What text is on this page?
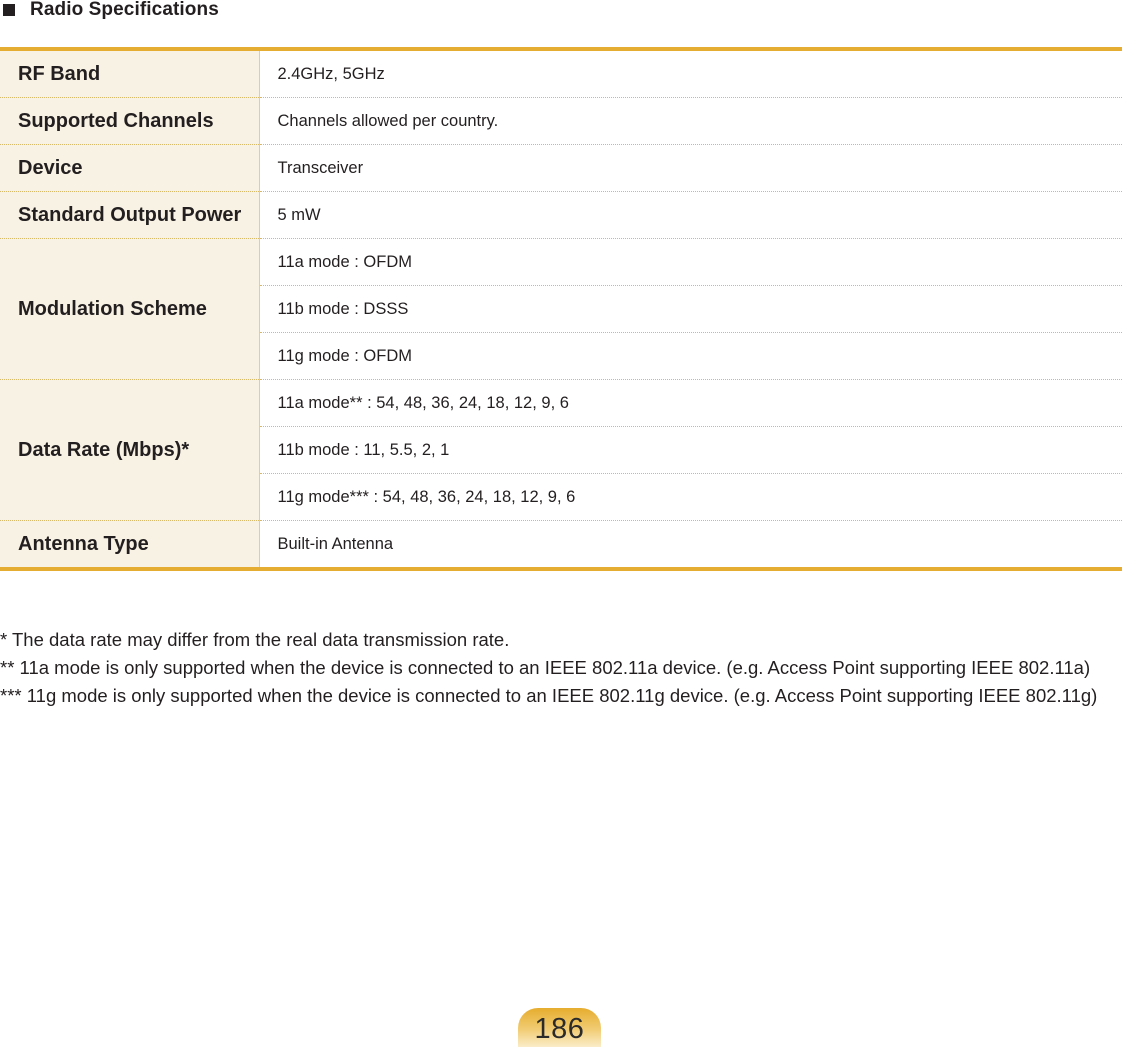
Radio Specifications
RF Band	2.4GHz, 5GHz
Supported Channels	Channels allowed per country.
Device	Transceiver
Standard Output Power	5 mW
Modulation Scheme	11a mode : OFDM
	11b mode : DSSS
	11g mode : OFDM
Data Rate (Mbps)*	11a mode** : 54, 48, 36, 24, 18, 12, 9, 6
	11b mode : 11, 5.5, 2, 1
	11g mode*** : 54, 48, 36, 24, 18, 12, 9, 6
Antenna Type	Built-in Antenna

* The data rate may differ from the real data transmission rate.

** 11a mode is only supported when the device is connected to an IEEE 802.11a device. (e.g. Access Point supporting IEEE 802.11a)

*** 11g mode is only supported when the device is connected to an IEEE 802.11g device. (e.g. Access Point supporting IEEE 802.11g)

186
